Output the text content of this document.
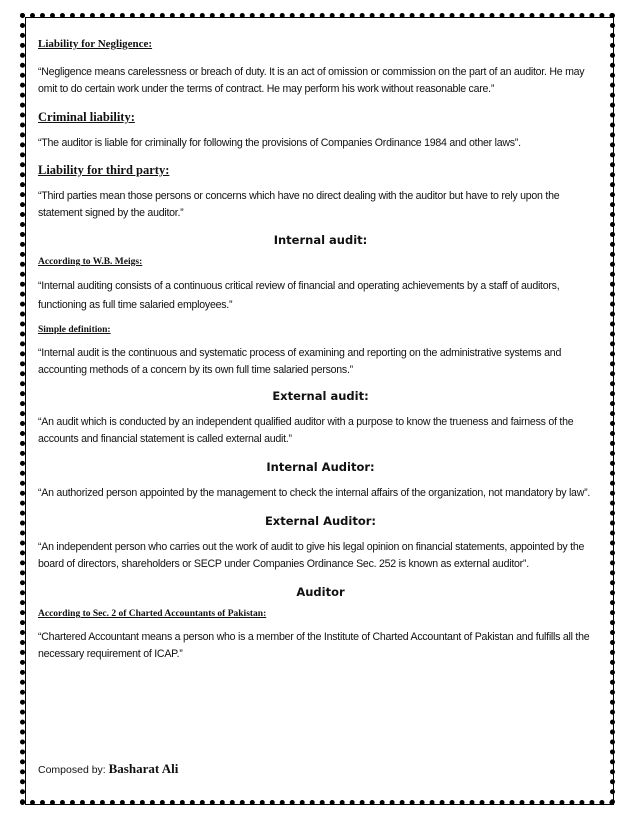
Liability for Negligence:

“Negligence means carelessness or breach of duty. It is an act of omission or commission on the part of an auditor. He may omit to do certain work under the terms of contract. He may perform his work without reasonable care.”

Criminal liability:

“The auditor is liable for criminally for following the provisions of Companies Ordinance 1984 and other laws”.

Liability for third party:

“Third parties mean those persons or concerns which have no direct dealing with the auditor but have to rely upon the statement signed by the auditor.”

Internal audit:

According to W.B. Meigs:

“Internal auditing consists of a continuous critical review of financial and operating achievements by a staff of auditors, functioning as full time salaried employees.”

Simple definition:

“Internal audit is the continuous and systematic process of examining and reporting on the administrative systems and accounting methods of a concern by its own full time salaried persons.”

External audit:

“An audit which is conducted by an independent qualified auditor with a purpose to know the trueness and fairness of the accounts and financial statement is called external audit.”

Internal Auditor:

“An authorized person appointed by the management to check the internal affairs of the organization, not mandatory by law”.

External Auditor:

“An independent person who carries out the work of audit to give his legal opinion on financial statements, appointed by the board of directors, shareholders or SECP under Companies Ordinance Sec. 252 is known as external auditor”.

Auditor

According to Sec. 2 of Charted Accountants of Pakistan:

“Chartered Accountant means a person who is a member of the Institute of Charted Accountant of Pakistan and fulfills all the necessary requirement of ICAP.”

Composed by: Basharat Ali
